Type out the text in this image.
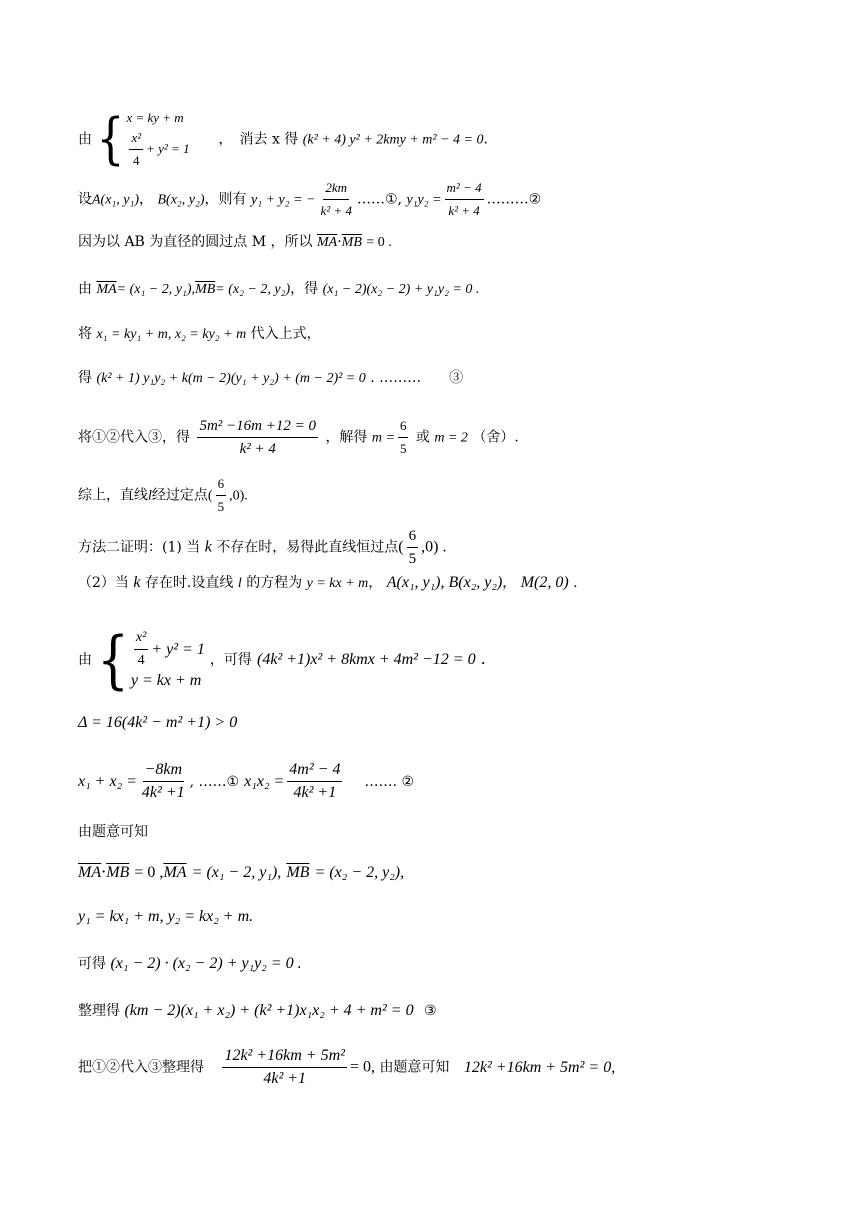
由 { x = ky + m
$\frac{\text{x²}}{4} + y^2 = 1$
，　消去 x 得 (k² + 4) y² + 2kmy + m² − 4 = 0.
设A(x₁, y₁)， B(x₂, y₂)，则有 y₁ + y₂ = − $\frac{2km}{\text{k² + 4}}$ ……①, $y_1y_2 = \frac{\text{m² − 4}}{\text{k² + 4}}$ ………②
因为以 AB 为直径的圆过点 M ，所以 $\overline{MA}\cdot\overline{MB} = 0$ .
由 $\overline{MA}= (x_1 - 2$, $y_1),\overline{MB}= (x_2 - 2$, y₂)，得 (x₁ − 2)(x₂ − 2) + y₁y₂ = 0 .
将 x₁ = ky₁ + m, x₂ = ky₂ + m 代入上式，
得 (k² + 1) y₁y₂ + k(m − 2)(y₁ + y₂) + (m − 2)² = 0 . ………　　③
将①②代入③，得 $\frac{\text{5m² −16m +12 = 0}}{\text{k² + 4}}$ ，解得 $m = \frac{6}{5}$ 或 m = 2 （舍）.
综上，直线l经过定点( $\frac{6}{5} ,0$).
方法二证明：(1) 当 k 不存在时，易得此直线恒过点( $\frac{6}{5} ,0$) .
（2）当 k 存在时.设直线 l 的方程为 y = kx + m， A(x₁, y₁), B(x₂, y₂)， M(2, 0) .
由 { $\frac{\text{x²}}{4} + y^2 = 1$
y = kx + m
，可得 (4k² +1)x² + 8kmx + 4m² −12 = 0 .
Δ = 16(4k² − m² +1) > 0
$x_1 + x_2 = \frac{-8km}{\text{4k² +1}}$ , ……① $x_1x_2 = \frac{\text{4m² − 4}}{\text{4k² +1}}$ ……. ②
由题意可知
$\overline{MA}\cdot\overline{MB} = 0$ $,\overline{MA} = (x_1 - 2$, y₁), $\overline{MB} = (x_2 - 2$, y₂),
y₁ = kx₁ + m, y₂ = kx₂ + m.
可得 (x₁ − 2) · (x₂ − 2) + y₁y₂ = 0 .
整理得 (km − 2)(x₁ + x₂) + (k² +1)x₁x₂ + 4 + m² = 0 ③
把①②代入③整理得 $\frac{\text{12k² +16km + 5m²}}{\text{4k² +1}} = 0$, 由题意可知 12k² +16km + 5m² = 0,
